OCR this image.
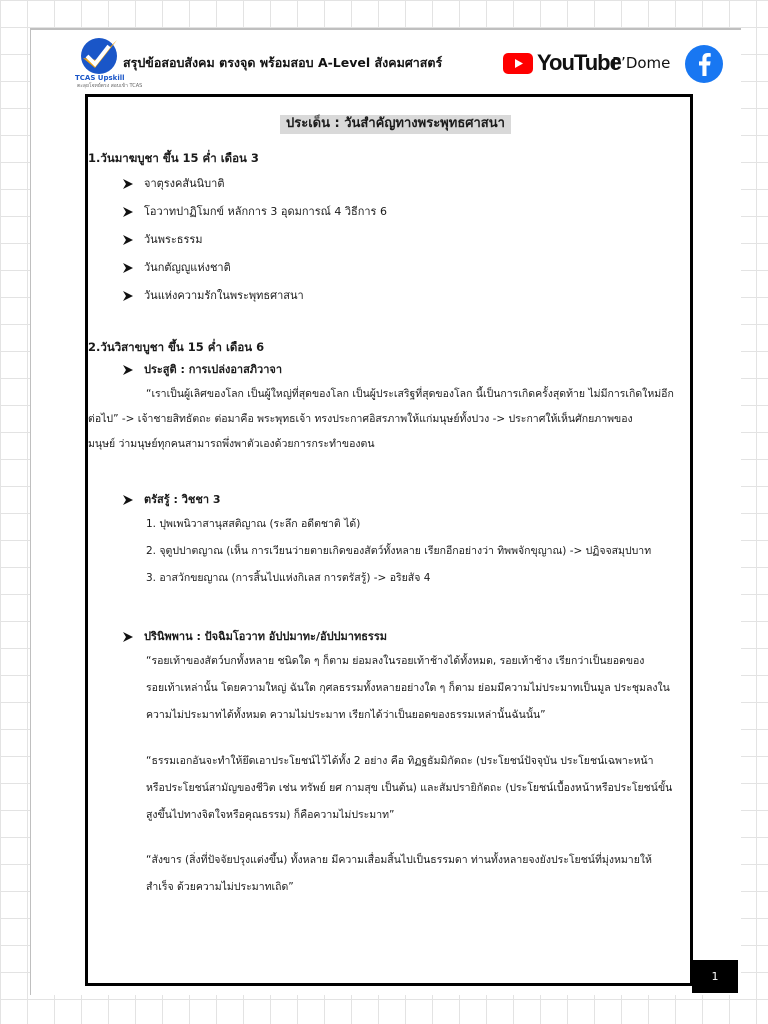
TCAS Upskill
ตะลุยโจทย์ตรง สอบเข้า TCAS
สรุปข้อสอบสังคม ตรงจุด พร้อมสอบ A-Level สังคมศาสตร์	YouTube
P’Dome
ประเด็น : วันสำคัญทางพระพุทธศาสนา
1.วันมาฆบูชา ขึ้น 15 ค่ำ เดือน 3
จาตุรงคสันนิบาติ
โอวาทปาฏิโมกข์ หลักการ 3 อุดมการณ์ 4 วิธีการ 6
วันพระธรรม
วันกตัญญูแห่งชาติ
วันแห่งความรักในพระพุทธศาสนา
2.วันวิสาขบูชา ขึ้น 15 ค่ำ เดือน 6
ประสูติ : การเปล่งอาสภิวาจา
“เราเป็นผู้เลิศของโลก เป็นผู้ใหญ่ที่สุดของโลก เป็นผู้ประเสริฐที่สุดของโลก นี้เป็นการเกิดครั้งสุดท้าย ไม่มีการเกิดใหม่อีก
ต่อไป” -> เจ้าชายสิทธัตถะ ต่อมาคือ พระพุทธเจ้า ทรงประกาศอิสรภาพให้แก่มนุษย์ทั้งปวง -> ประกาศให้เห็นศักยภาพของ
มนุษย์ ว่ามนุษย์ทุกคนสามารถพึ่งพาตัวเองด้วยการกระทำของตน
ตรัสรู้ : วิชชา 3
1. ปุพเพนิวาสานุสสติญาณ (ระลึก อดีตชาติ ได้)
2. จุตูปปาตญาณ (เห็น การเวียนว่ายตายเกิดของสัตว์ทั้งหลาย เรียกอีกอย่างว่า ทิพพจักขุญาณ) -> ปฏิจจสมุปบาท
3. อาสวักขยญาณ (การสิ้นไปแห่งกิเลส การตรัสรู้) -> อริยสัจ 4
ปรินิพพาน : ปัจฉิมโอวาท อัปปมาทะ/อัปปมาทธรรม
“รอยเท้าของสัตว์บกทั้งหลาย ชนิดใด ๆ ก็ตาม ย่อมลงในรอยเท้าช้างได้ทั้งหมด, รอยเท้าช้าง เรียกว่าเป็นยอดของ
รอยเท้าเหล่านั้น โดยความใหญ่ ฉันใด กุศลธรรมทั้งหลายอย่างใด ๆ ก็ตาม ย่อมมีความไม่ประมาทเป็นมูล ประชุมลงใน
ความไม่ประมาทได้ทั้งหมด ความไม่ประมาท เรียกได้ว่าเป็นยอดของธรรมเหล่านั้นฉันนั้น”
“ธรรมเอกอันจะทำให้ยึดเอาประโยชน์ไว้ได้ทั้ง 2 อย่าง คือ ทิฏฐธัมมิกัตถะ (ประโยชน์ปัจจุบัน ประโยชน์เฉพาะหน้า
หรือประโยชน์สามัญของชีวิต เช่น ทรัพย์ ยศ กามสุข เป็นต้น) และสัมปรายิกัตถะ (ประโยชน์เบื้องหน้าหรือประโยชน์ขั้น
สูงขึ้นไปทางจิตใจหรือคุณธรรม) ก็คือความไม่ประมาท”
“สังขาร (สิ่งที่ปัจจัยปรุงแต่งขึ้น) ทั้งหลาย มีความเสื่อมสิ้นไปเป็นธรรมดา ท่านทั้งหลายจงยังประโยชน์ที่มุ่งหมายให้
สำเร็จ ด้วยความไม่ประมาทเถิด”
1
